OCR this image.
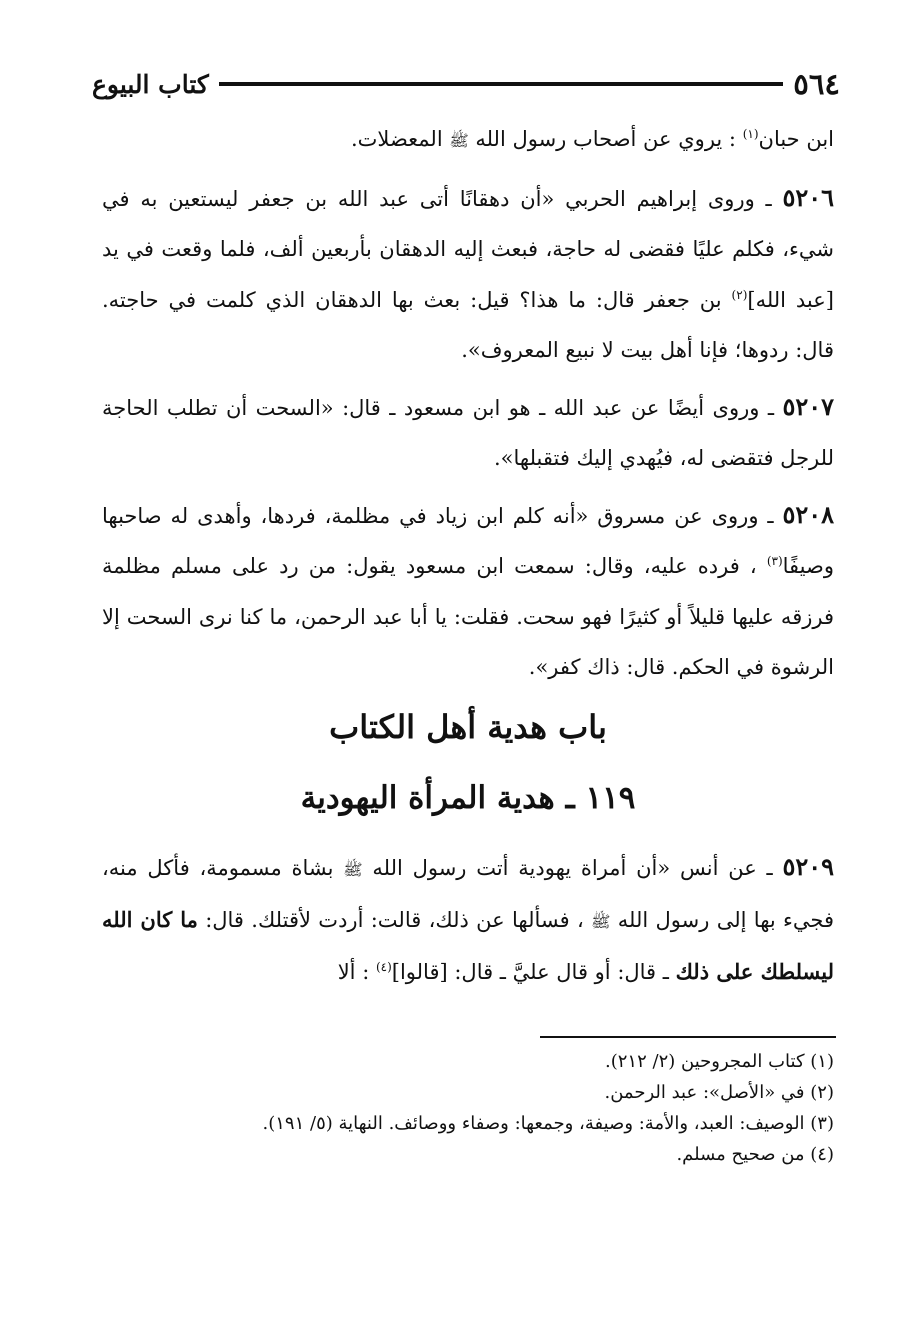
٥٦٤
كتاب البيوع

ابن حبان$^{(١)}$ : يروي عن أصحاب رسول الله ﷺ المعضلات.

٥٢٠٦ ـ وروى إبراهيم الحربي «أن دهقانًا أتى عبد الله بن جعفر ليستعين به في شيء، فكلم عليًا فقضى له حاجة، فبعث إليه الدهقان بأربعين ألف، فلما وقعت في يد [عبد الله]$^{(٢)}$ بن جعفر قال: ما هذا؟ قيل: بعث بها الدهقان الذي كلمت في حاجته. قال: ردوها؛ فإنا أهل بيت لا نبيع المعروف».

٥٢٠٧ ـ وروى أيضًا عن عبد الله ـ هو ابن مسعود ـ قال: «السحت أن تطلب الحاجة للرجل فتقضى له، فيُهدي إليك فتقبلها».

٥٢٠٨ ـ وروى عن مسروق «أنه كلم ابن زياد في مظلمة، فردها، وأهدى له صاحبها وصيفًا$^{(٣)}$ ، فرده عليه، وقال: سمعت ابن مسعود يقول: من رد على مسلم مظلمة فرزقه عليها قليلاً أو كثيرًا فهو سحت. فقلت: يا أبا عبد الرحمن، ما كنا نرى السحت إلا الرشوة في الحكم. قال: ذاك كفر».

باب هدية أهل الكتاب
١١٩ ـ هدية المرأة اليهودية

٥٢٠٩ ـ عن أنس «أن أمراة يهودية أتت رسول الله ﷺ بشاة مسمومة، فأكل منه، فجيء بها إلى رسول الله ﷺ ، فسألها عن ذلك، قالت: أردت لأقتلك. قال: ما كان الله ليسلطك على ذلك ـ قال: أو قال عليَّ ـ قال: [قالوا]$^{(٤)}$ : ألا

(١) كتاب المجروحين (٢/ ٢١٢).
(٢) في «الأصل»: عبد الرحمن.
(٣) الوصيف: العبد، والأمة: وصيفة، وجمعها: وصفاء ووصائف. النهاية (٥/ ١٩١).
(٤) من صحيح مسلم.
